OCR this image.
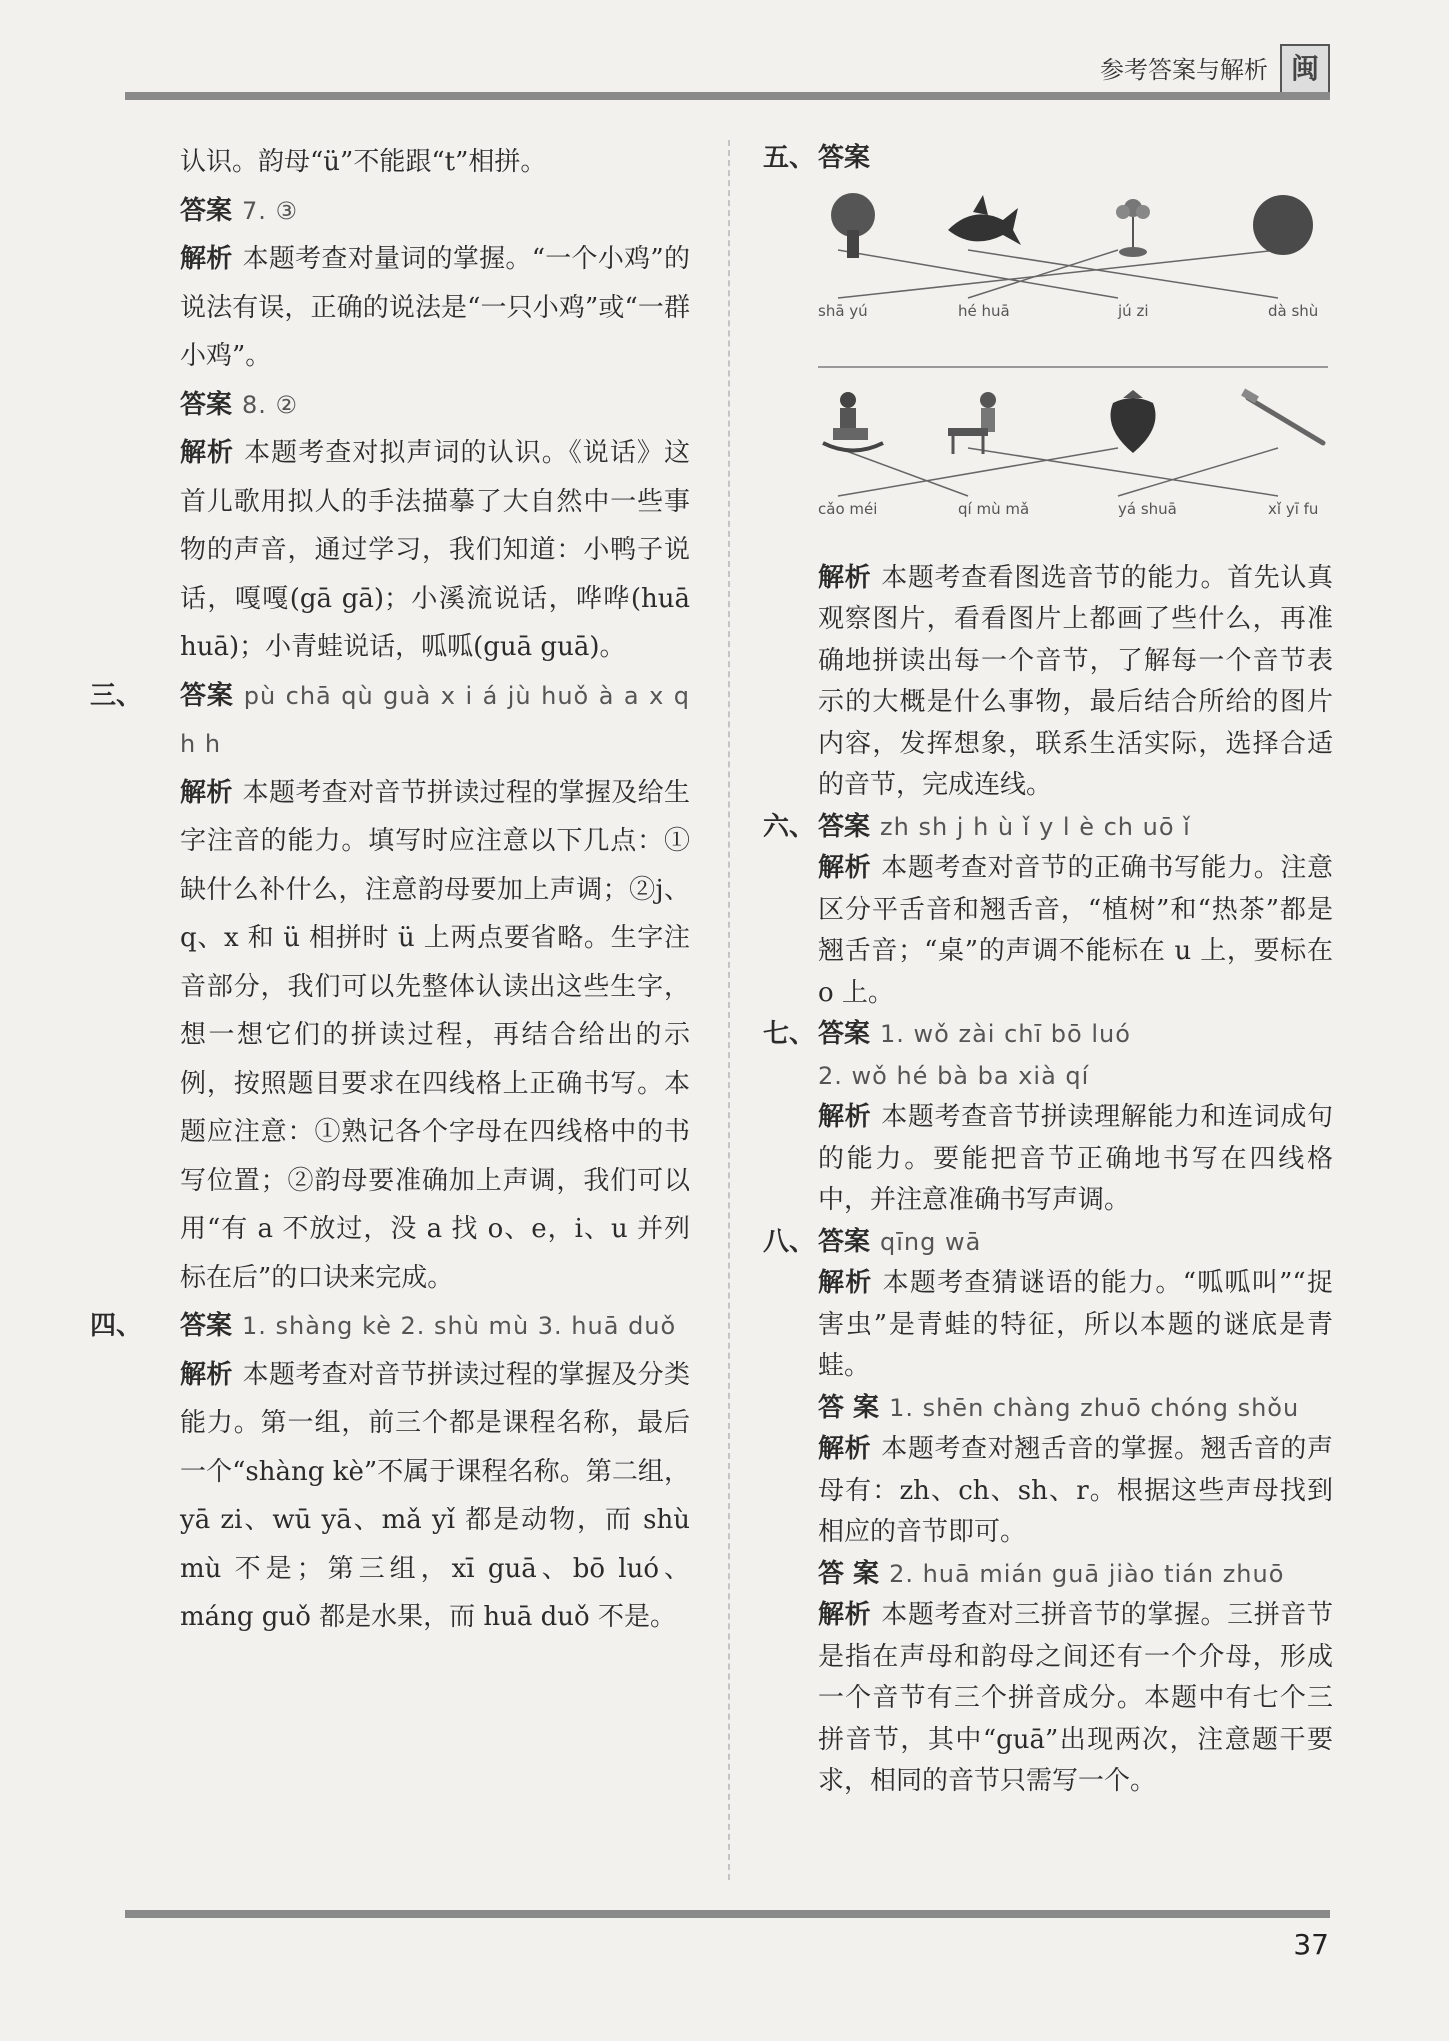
参考答案与解析 闽

认识。韵母“ü”不能跟“t”相拼。

答案 7. ③

解析 本题考查对量词的掌握。“一个小鸡”的说法有误，正确的说法是“一只小鸡”或“一群小鸡”。

答案 8. ②

解析 本题考查对拟声词的认识。《说话》这首儿歌用拟人的手法描摹了大自然中一些事物的声音，通过学习，我们知道：小鸭子说话，嘎嘎(gā gā)；小溪流说话，哗哗(huā huā)；小青蛙说话，呱呱(guā guā)。

三、 答案 pù chā qù guà x i á jù huǒ à a x q h h

解析 本题考查对音节拼读过程的掌握及给生字注音的能力。填写时应注意以下几点：①缺什么补什么，注意韵母要加上声调；②j、q、x 和 ü 相拼时 ü 上两点要省略。生字注音部分，我们可以先整体认读出这些生字，想一想它们的拼读过程，再结合给出的示例，按照题目要求在四线格上正确书写。本题应注意：①熟记各个字母在四线格中的书写位置；②韵母要准确加上声调，我们可以用“有 a 不放过，没 a 找 o、e，i、u 并列标在后”的口诀来完成。

四、 答案 1. shàng kè 2. shù mù 3. huā duǒ

解析 本题考查对音节拼读过程的掌握及分类能力。第一组，前三个都是课程名称，最后一个“shàng kè”不属于课程名称。第二组，yā zi、wū yā、mǎ yǐ 都是动物，而 shù mù 不是；第三组，xī guā、bō luó、máng guǒ 都是水果，而 huā duǒ 不是。

五、 答案

shā yú	hé huā	jú zi	dà shù
cǎo méi	qí mù mǎ	yá shuā	xǐ yī fu

解析 本题考查看图选音节的能力。首先认真观察图片，看看图片上都画了些什么，再准确地拼读出每一个音节，了解每一个音节表示的大概是什么事物，最后结合所给的图片内容，发挥想象，联系生活实际，选择合适的音节，完成连线。

六、 答案 zh sh j h ù ǐ y l è ch uō ǐ

解析 本题考查对音节的正确书写能力。注意区分平舌音和翘舌音，“植树”和“热茶”都是翘舌音；“桌”的声调不能标在 u 上，要标在 o 上。

七、 答案 1. wǒ zài chī bō luó

2. wǒ hé bà ba xià qí

解析 本题考查音节拼读理解能力和连词成句的能力。要能把音节正确地书写在四线格中，并注意准确书写声调。

八、 答案 qīng wā

解析 本题考查猜谜语的能力。“呱呱叫”“捉害虫”是青蛙的特征，所以本题的谜底是青蛙。

答 案 1. shēn chàng zhuō chóng shǒu

解析 本题考查对翘舌音的掌握。翘舌音的声母有：zh、ch、sh、r。根据这些声母找到相应的音节即可。

答 案 2. huā mián guā jiào tián zhuō

解析 本题考查对三拼音节的掌握。三拼音节是指在声母和韵母之间还有一个介母，形成一个音节有三个拼音成分。本题中有七个三拼音节，其中“guā”出现两次，注意题干要求，相同的音节只需写一个。

37
